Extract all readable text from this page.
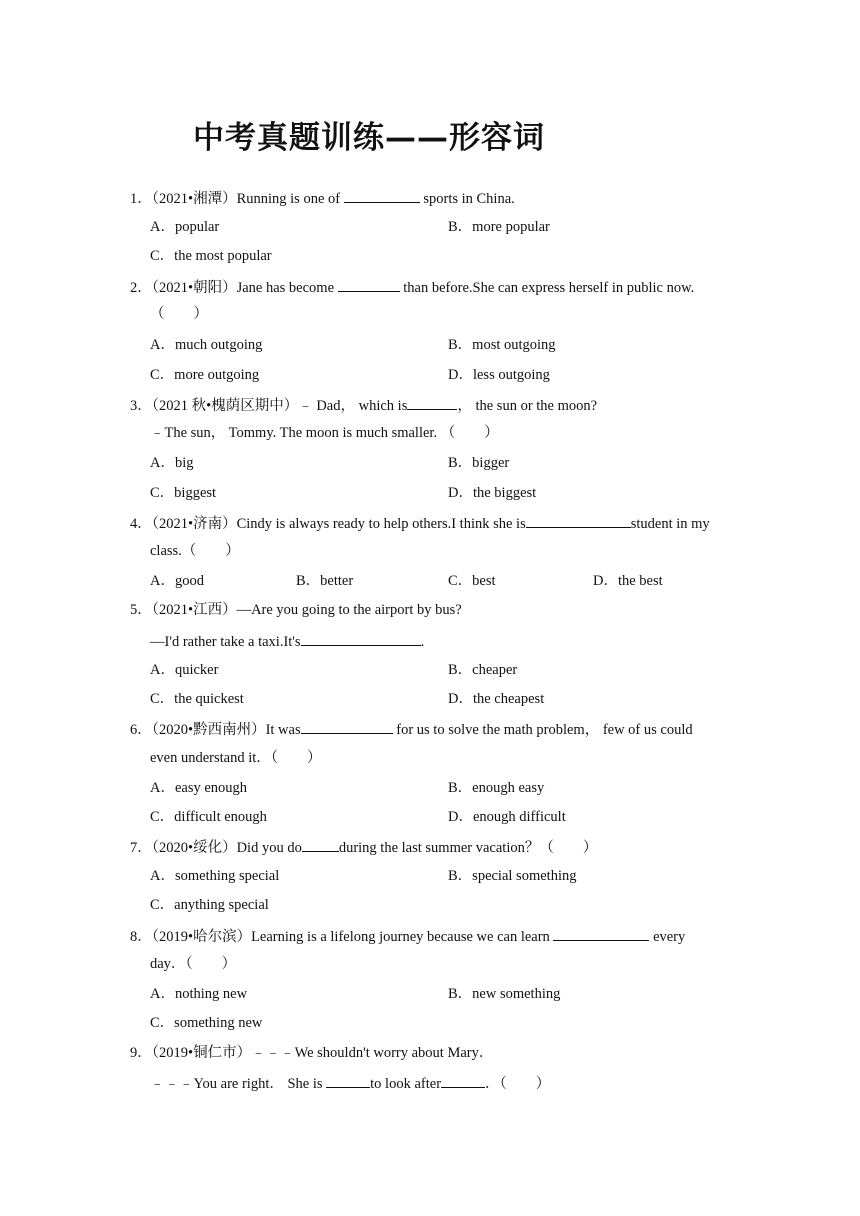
中考真题训练——形容词
1．（2021•湘潭）Running is one of	sports in China.
A．popular	B．more popular
C．the most popular
2．（2021•朝阳）Jane has become	than before.She can express herself in public now.
（　　）
A．much outgoing	B．most outgoing
C．more outgoing	D．less outgoing
3．（2021 秋•槐荫区期中）﹣ Dad， which is	， the sun or the moon?
﹣The sun， Tommy. The moon is much smaller. （　　）
A．big	B．bigger
C．biggest	D．the biggest
4．（2021•济南）Cindy is always ready to help others.I think she is	student in my
class.（　　）
A．good	B．better	C．best	D．the best
5．（2021•江西）—Are you going to the airport by bus?
—I'd rather take a taxi.It's	.
A．quicker	B．cheaper
C．the quickest	D．the cheapest
6．（2020•黔西南州）It was	for us to solve the math problem， few of us could
even understand it．（　　）
A．easy enough	B．enough easy
C．difficult enough	D．enough difficult
7．（2020•绥化）Did you do	during the last summer vacation？（　　）
A．something special	B．special something
C．anything special
8．（2019•哈尔滨）Learning is a lifelong journey because we can learn	every
day．（　　）
A．nothing new	B．new something
C．something new
9．（2019•铜仁市）﹣﹣﹣We shouldn't worry about Mary．
﹣﹣﹣You are right． She is	to look after	．（　　）
